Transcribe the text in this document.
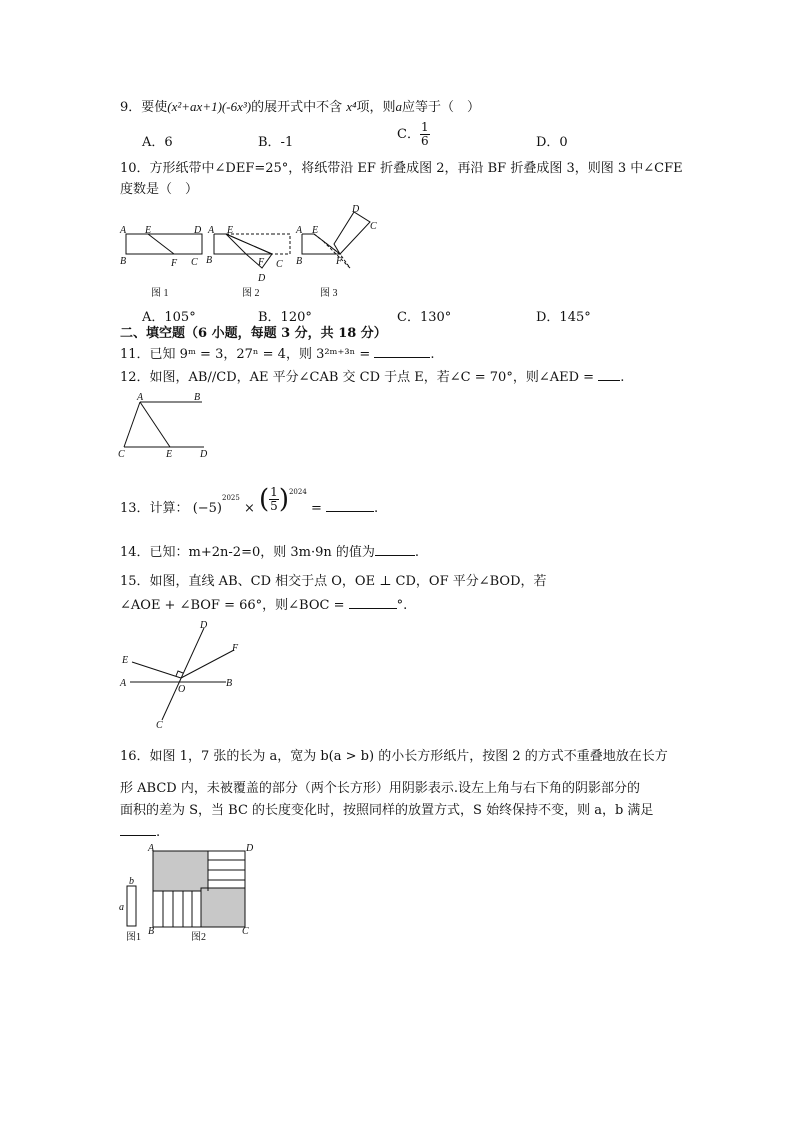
9．要使(x²+ax+1)(-6x³)的展开式中不含 x⁴项，则a应等于（　）
A．6	B．-1
C． $\frac{1}{6}$	D．0
10．方形纸带中∠DEF=25°，将纸带沿 EF 折叠成图 2，再沿 BF 折叠成图 3，则图 3 中∠CFE
度数是（　）
A E	D
B	F C
图 1
A E
B	F
D
C
图 2
D
C
A E
B	F
图 3
A．105°	B．120°	C．130°	D．145°
二、填空题（6 小题，每题 3 分，共 18 分）
11．已知 9ᵐ = 3，27ⁿ = 4，则 3²ᵐ⁺³ⁿ =	.
12．如图，AB//CD，AE 平分∠CAB 交 CD 于点 E，若∠C = 70°，则∠AED = .
A	B
C	E	D
13．计算： $(-5)^{2025}$ × ( $\frac{1}{5} )^{2024}$ =	.
14．已知：m+2n-2=0，则 3m·9n 的值为	.
15．如图，直线 AB、CD 相交于点 O，OE ⊥ CD，OF 平分∠BOD，若
∠AOE + ∠BOF = 66°，则∠BOC =	°.
D
F
E
A
O
B
C
16．如图 1，7 张的长为 a，宽为 b(a > b) 的小长方形纸片，按图 2 的方式不重叠地放在长方
形 ABCD 内，未被覆盖的部分（两个长方形）用阴影表示.设左上角与右下角的阴影部分的
面积的差为 S，当 BC 的长度变化时，按照同样的放置方式，S 始终保持不变，则 a，b 满足
.
b
a
图1
A	D
B	C
图2
